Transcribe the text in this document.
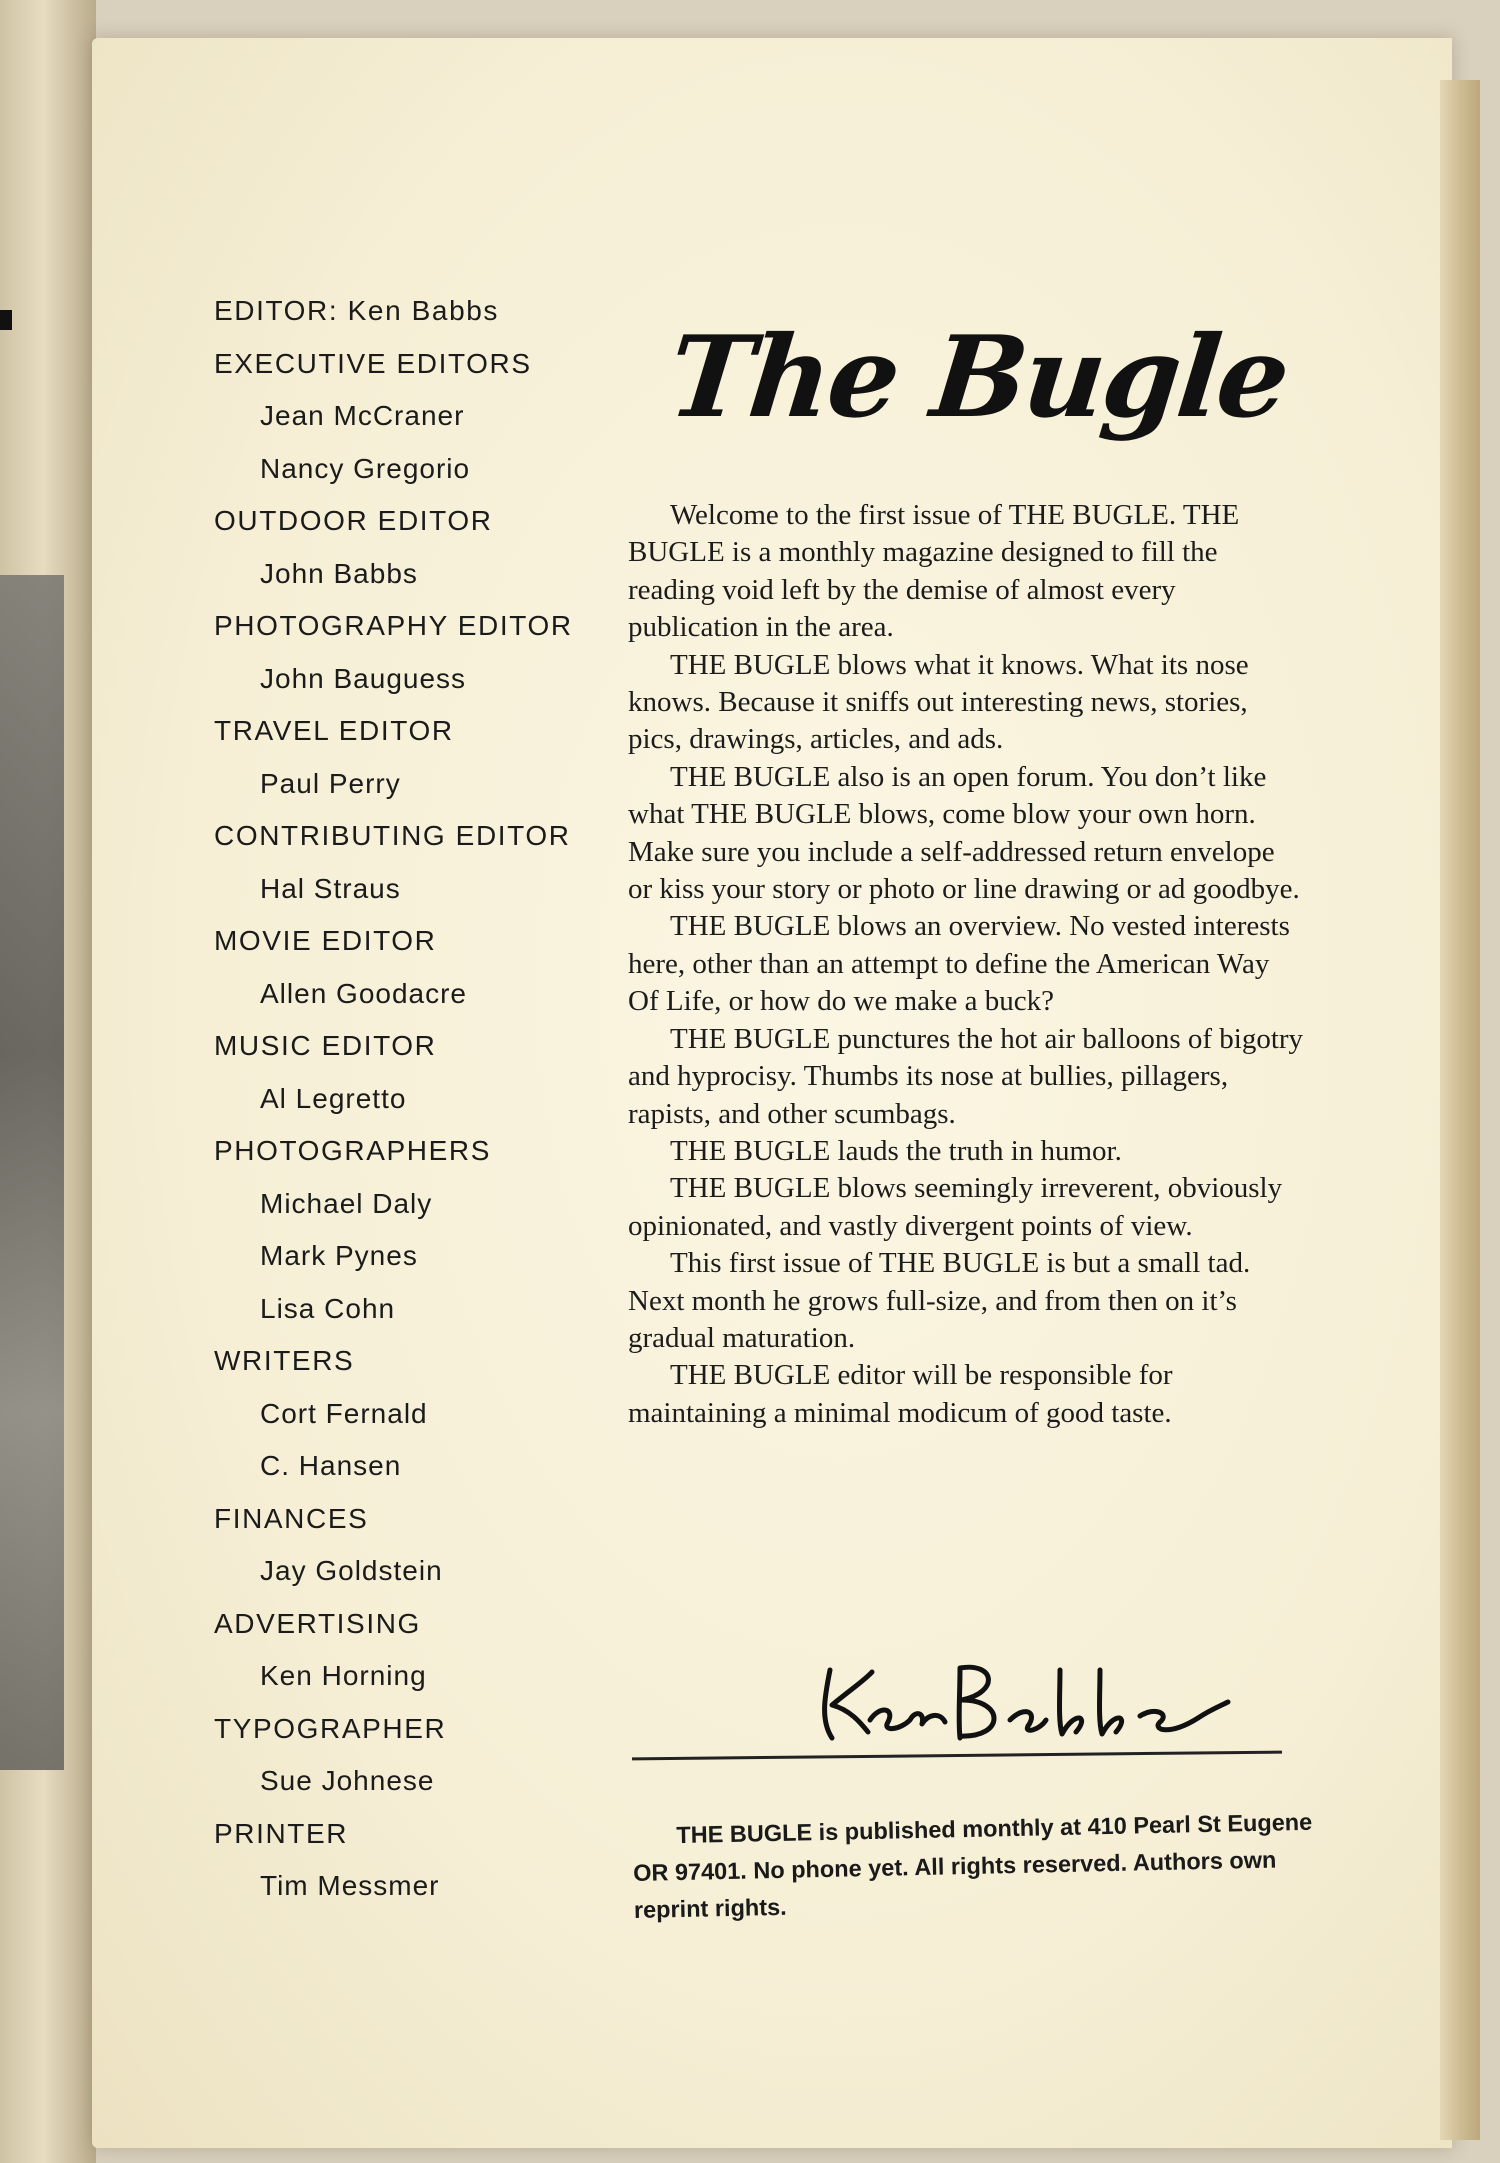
EDITOR: Ken Babbs
EXECUTIVE EDITORS
Jean McCraner
Nancy Gregorio
OUTDOOR EDITOR
John Babbs
PHOTOGRAPHY EDITOR
John Bauguess
TRAVEL EDITOR
Paul Perry
CONTRIBUTING EDITOR
Hal Straus
MOVIE EDITOR
Allen Goodacre
MUSIC EDITOR
Al Legretto
PHOTOGRAPHERS
Michael Daly
Mark Pynes
Lisa Cohn
WRITERS
Cort Fernald
C. Hansen
FINANCES
Jay Goldstein
ADVERTISING
Ken Horning
TYPOGRAPHER
Sue Johnese
PRINTER
Tim Messmer
The Bugle

Welcome to the first issue of THE BUGLE. THE BUGLE is a monthly magazine designed to fill the reading void left by the demise of almost every publication in the area.

THE BUGLE blows what it knows. What its nose knows. Because it sniffs out interesting news, stories, pics, drawings, articles, and ads.

THE BUGLE also is an open forum. You don’t like what THE BUGLE blows, come blow your own horn. Make sure you include a self-addressed return envelope or kiss your story or photo or line drawing or ad goodbye.

THE BUGLE blows an overview. No vested interests here, other than an attempt to define the American Way Of Life, or how do we make a buck?

THE BUGLE punctures the hot air balloons of bigotry and hyprocisy. Thumbs its nose at bullies, pillagers, rapists, and other scumbags.

THE BUGLE lauds the truth in humor.

THE BUGLE blows seemingly irreverent, obviously opinionated, and vastly divergent points of view.

This first issue of THE BUGLE is but a small tad. Next month he grows full-size, and from then on it’s gradual maturation.

THE BUGLE editor will be responsible for maintaining a minimal modicum of good taste.

THE BUGLE is published monthly at 410 Pearl St Eugene OR 97401. No phone yet. All rights reserved. Authors own reprint rights.
